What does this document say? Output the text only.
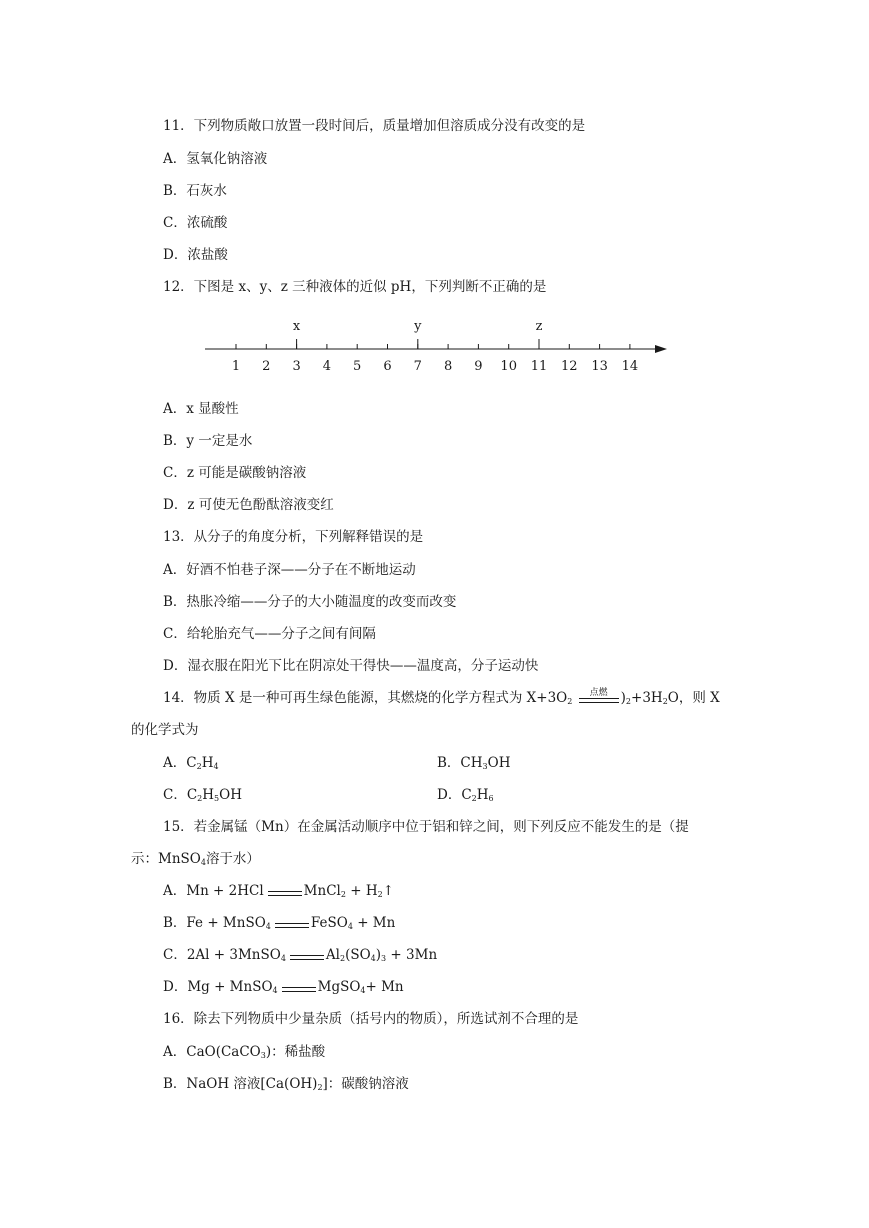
11．下列物质敞口放置一段时间后，质量增加但溶质成分没有改变的是
A．氢氧化钠溶液
B．石灰水
C．浓硫酸
D．浓盐酸
12．下图是 x、y、z 三种液体的近似 pH，下列判断不正确的是
1 2 3 4 5 6 7 8 9 10 11 12 13 14
x	y	z
A．x 显酸性
B．y 一定是水
C．z 可能是碳酸钠溶液
D．z 可使无色酚酞溶液变红
13．从分子的角度分析，下列解释错误的是
A．好酒不怕巷子深——分子在不断地运动
B．热胀冷缩——分子的大小随温度的改变而改变
C．给轮胎充气——分子之间有间隔
D．湿衣服在阳光下比在阴凉处干得快——温度高，分子运动快
14．物质 X 是一种可再生绿色能源，其燃烧的化学方程式为 $X+3O_2$
点燃 )$_2+3H_2O$，则 X
的化学式为
A．$C_2H_4$	B．$CH_3OH$
C．$C_2H_5OH$	D．$C_2H_6$
15．若金属锰（Mn）在金属活动顺序中位于铝和锌之间，则下列反应不能发生的是（提
示：MnSO$_4$溶于水）
A．Mn + 2HCl	MnCl$_2$ + $H_2↑$
B．Fe + MnSO$_4$	FeSO$_4$ + Mn
C．2Al + 3MnSO$_4$	$Al_2(SO_4)_3 + 3Mn$
D．Mg + MnSO$_4$	MgSO$_4$+ Mn
16．除去下列物质中少量杂质（括号内的物质），所选试剂不合理的是
A．CaO(CaCO$_3$)：稀盐酸
B．NaOH 溶液$[Ca(OH)_2]$：碳酸钠溶液
